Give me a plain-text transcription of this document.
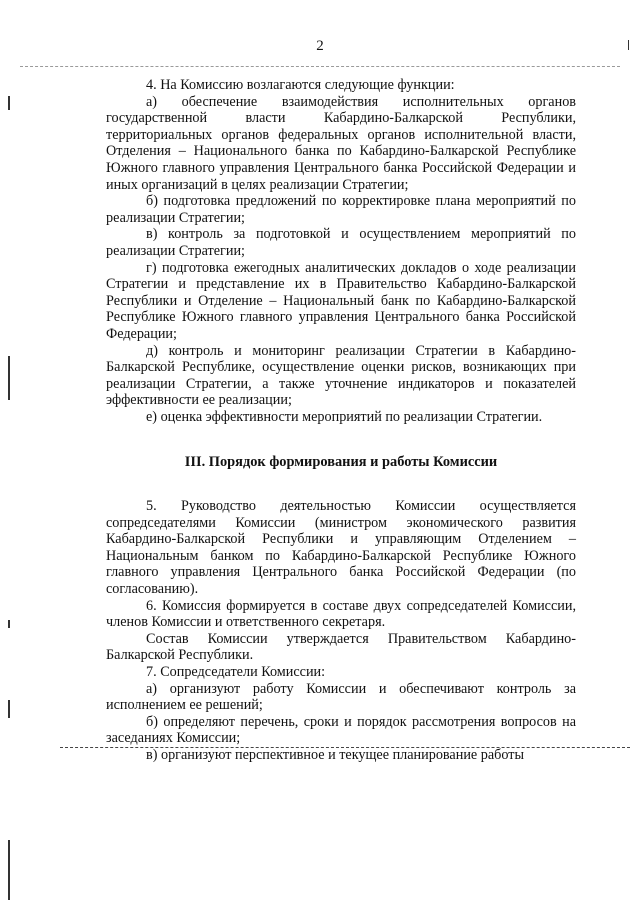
2

4. На Комиссию возлагаются следующие функции:

а) обеспечение взаимодействия исполнительных органов государственной власти Кабардино-Балкарской Республики, территориальных органов федеральных органов исполнительной власти, Отделения – Национального банка по Кабардино-Балкарской Республике Южного главного управления Центрального банка Российской Федерации и иных организаций в целях реализации Стратегии;

б) подготовка предложений по корректировке плана мероприятий по реализации Стратегии;

в) контроль за подготовкой и осуществлением мероприятий по реализации Стратегии;

г) подготовка ежегодных аналитических докладов о ходе реализации Стратегии и представление их в Правительство Кабардино-Балкарской Республики и Отделение – Национальный банк по Кабардино-Балкарской Республике Южного главного управления Центрального банка Российской Федерации;

д) контроль и мониторинг реализации Стратегии в Кабардино-Балкарской Республике, осуществление оценки рисков, возникающих при реализации Стратегии, а также уточнение индикаторов и показателей эффективности ее реализации;

е) оценка эффективности мероприятий по реализации Стратегии.

III. Порядок формирования и работы Комиссии

5. Руководство деятельностью Комиссии осуществляется сопредседателями Комиссии (министром экономического развития Кабардино-Балкарской Республики и управляющим Отделением – Национальным банком по Кабардино-Балкарской Республике Южного главного управления Центрального банка Российской Федерации (по согласованию).

6. Комиссия формируется в составе двух сопредседателей Комиссии, членов Комиссии и ответственного секретаря.

Состав Комиссии утверждается Правительством Кабардино-Балкарской Республики.

7. Сопредседатели Комиссии:

а) организуют работу Комиссии и обеспечивают контроль за исполнением ее решений;

б) определяют перечень, сроки и порядок рассмотрения вопросов на заседаниях Комиссии;

в) организуют перспективное и текущее планирование работы
